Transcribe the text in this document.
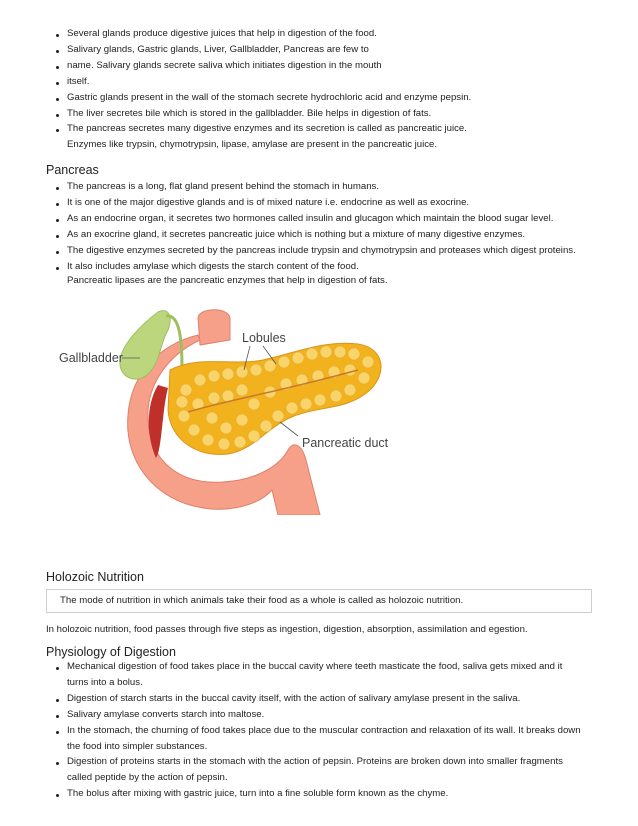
Several glands produce digestive juices that help in digestion of the food.
Salivary glands, Gastric glands, Liver, Gallbladder, Pancreas are few to
name. Salivary glands secrete saliva which initiates digestion in the mouth
itself.
Gastric glands present in the wall of the stomach secrete hydrochloric acid and enzyme pepsin.
The liver secretes bile which is stored in the gallbladder. Bile helps in digestion of fats.
The pancreas secretes many digestive enzymes and its secretion is called as pancreatic juice.
Enzymes like trypsin, chymotrypsin, lipase, amylase are present in the pancreatic juice.
Pancreas
The pancreas is a long, flat gland present behind the stomach in humans.
It is one of the major digestive glands and is of mixed nature i.e. endocrine as well as exocrine.
As an endocrine organ, it secretes two hormones called insulin and glucagon which maintain the blood sugar level.
As an exocrine gland, it secretes pancreatic juice which is nothing but a mixture of many digestive enzymes.
The digestive enzymes secreted by the pancreas include trypsin and chymotrypsin and proteases which digest proteins.
It also includes amylase which digests the starch content of the food.
Pancreatic lipases are the pancreatic enzymes that help in digestion of fats.
Gallbladder
Lobules
Pancreatic duct
Holozoic Nutrition
The mode of nutrition in which animals take their food as a whole is called as holozoic nutrition.
In holozoic nutrition, food passes through five steps as ingestion, digestion, absorption, assimilation and egestion.
Physiology of Digestion
Mechanical digestion of food takes place in the buccal cavity where teeth masticate the food, saliva gets mixed and it turns into a bolus.
Digestion of starch starts in the buccal cavity itself, with the action of salivary amylase present in the saliva.
Salivary amylase converts starch into maltose.
In the stomach, the churning of food takes place due to the muscular contraction and relaxation of its wall. It breaks down the food into simpler substances.
Digestion of proteins starts in the stomach with the action of pepsin. Proteins are broken down into smaller fragments called peptide by the action of pepsin.
The bolus after mixing with gastric juice, turn into a fine soluble form known as the chyme.
